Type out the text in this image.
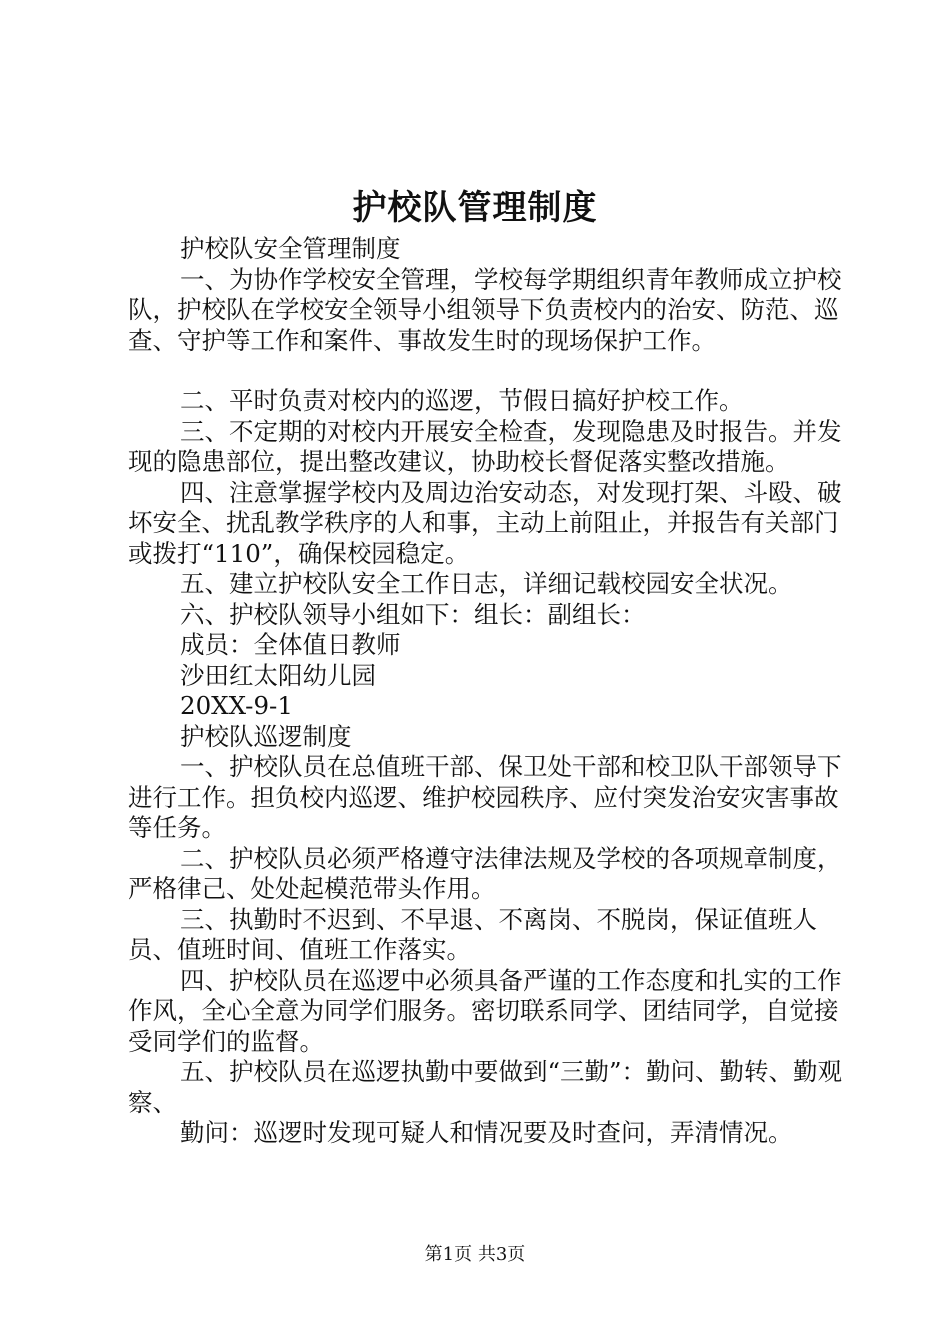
护校队管理制度

护校队安全管理制度

一、为协作学校安全管理，学校每学期组织青年教师成立护校队，护校队在学校安全领导小组领导下负责校内的治安、防范、巡查、守护等工作和案件、事故发生时的现场保护工作。

二、平时负责对校内的巡逻，节假日搞好护校工作。

三、不定期的对校内开展安全检查，发现隐患及时报告。并发现的隐患部位，提出整改建议，协助校长督促落实整改措施。

四、注意掌握学校内及周边治安动态，对发现打架、斗殴、破坏安全、扰乱教学秩序的人和事，主动上前阻止，并报告有关部门或拨打“110”，确保校园稳定。

五、建立护校队安全工作日志，详细记载校园安全状况。

六、护校队领导小组如下：组长：副组长：

成员：全体值日教师

沙田红太阳幼儿园

20XX-9-1

护校队巡逻制度

一、护校队员在总值班干部、保卫处干部和校卫队干部领导下进行工作。担负校内巡逻、维护校园秩序、应付突发治安灾害事故等任务。

二、护校队员必须严格遵守法律法规及学校的各项规章制度，严格律己、处处起模范带头作用。

三、执勤时不迟到、不早退、不离岗、不脱岗，保证值班人员、值班时间、值班工作落实。

四、护校队员在巡逻中必须具备严谨的工作态度和扎实的工作作风，全心全意为同学们服务。密切联系同学、团结同学，自觉接受同学们的监督。

五、护校队员在巡逻执勤中要做到“三勤”：勤问、勤转、勤观察、

勤问：巡逻时发现可疑人和情况要及时查问，弄清情况。

第1页 共3页
